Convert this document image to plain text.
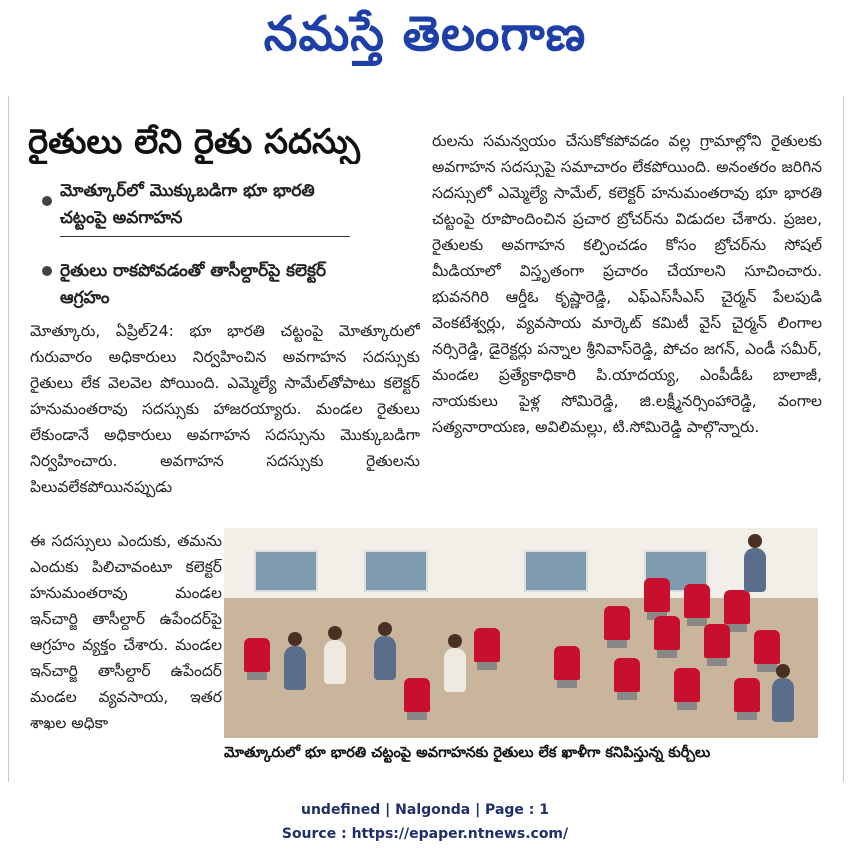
నమస్తే తెలంగాణ
రైతులు లేని రైతు సదస్సు
మోత్కూర్‌లో మొక్కుబడిగా భూ భారతి చట్టంపై అవగాహన
రైతులు రాకపోవడంతో తాసీల్దార్‌పై కలెక్టర్ ఆగ్రహం

మోత్కూరు, ఏప్రిల్24: భూ భారతి చట్టంపై మోత్కూరులో గురువారం అధికారులు నిర్వహించిన అవగాహన సదస్సుకు రైతులు లేక వెలవెల పోయింది. ఎమ్మెల్యే సామేల్‌తోపాటు కలెక్టర్ హనుమంతరావు సదస్సుకు హాజరయ్యారు. మండల రైతులు లేకుండానే అధికారులు అవగాహన సదస్సును మొక్కుబడిగా నిర్వహించారు. అవగాహన సదస్సుకు రైతులను పిలువలేకపోయినప్పుడు

ఈ సదస్సులు ఎందుకు, తమను ఎందుకు పిలిచావంటూ కలెక్టర్ హనుమంతరావు మండల ఇన్‌చార్జి తాసీల్దార్ ఉపేందర్‌పై ఆగ్రహం వ్యక్తం చేశారు. మండల ఇన్‌చార్జి తాసీల్దార్ ఉపేందర్ మండల వ్యవసాయ, ఇతర శాఖల అధికా

రులను సమన్వయం చేసుకోకపోవడం వల్ల గ్రామాల్లోని రైతులకు అవగాహన సదస్సుపై సమాచారం లేకపోయింది. అనంతరం జరిగిన సదస్సులో ఎమ్మెల్యే సామేల్, కలెక్టర్ హనుమంతరావు భూ భారతి చట్టంపై రూపొందించిన ప్రచార బ్రోచర్‌ను విడుదల చేశారు. ప్రజల, రైతులకు అవగాహన కల్పించడం కోసం బ్రోచర్‌ను సోషల్ మీడియాలో విస్తృతంగా ప్రచారం చేయాలని సూచించారు. భువనగిరి ఆర్డీఓ కృష్ణారెడ్డి, ఎఫ్ఎస్‌సీఎస్ చైర్మన్ పేలపుడి వెంకటేశ్వర్లు, వ్యవసాయ మార్కెట్ కమిటీ వైస్ చైర్మన్ లింగాల నర్సిరెడ్డి, డైరెక్టర్లు పన్నాల శ్రీనివాస్‌రెడ్డి, పోచం జగన్, ఎండీ సమీర్, మండల ప్రత్యేకాధికారి పి.యాదయ్య, ఎంపీడీఓ బాలాజీ, నాయకులు పైళ్ల సోమిరెడ్డి, జి.లక్ష్మీనర్సింహారెడ్డి, వంగాల సత్యనారాయణ, అవిలిమల్లు, టి.సోమిరెడ్డి పాల్గొన్నారు.

మోత్కూరులో భూ భారతి చట్టంపై అవగాహనకు రైతులు లేక ఖాళీగా కనిపిస్తున్న కుర్చీలు
undefined | Nalgonda | Page : 1
Source : https://epaper.ntnews.com/
